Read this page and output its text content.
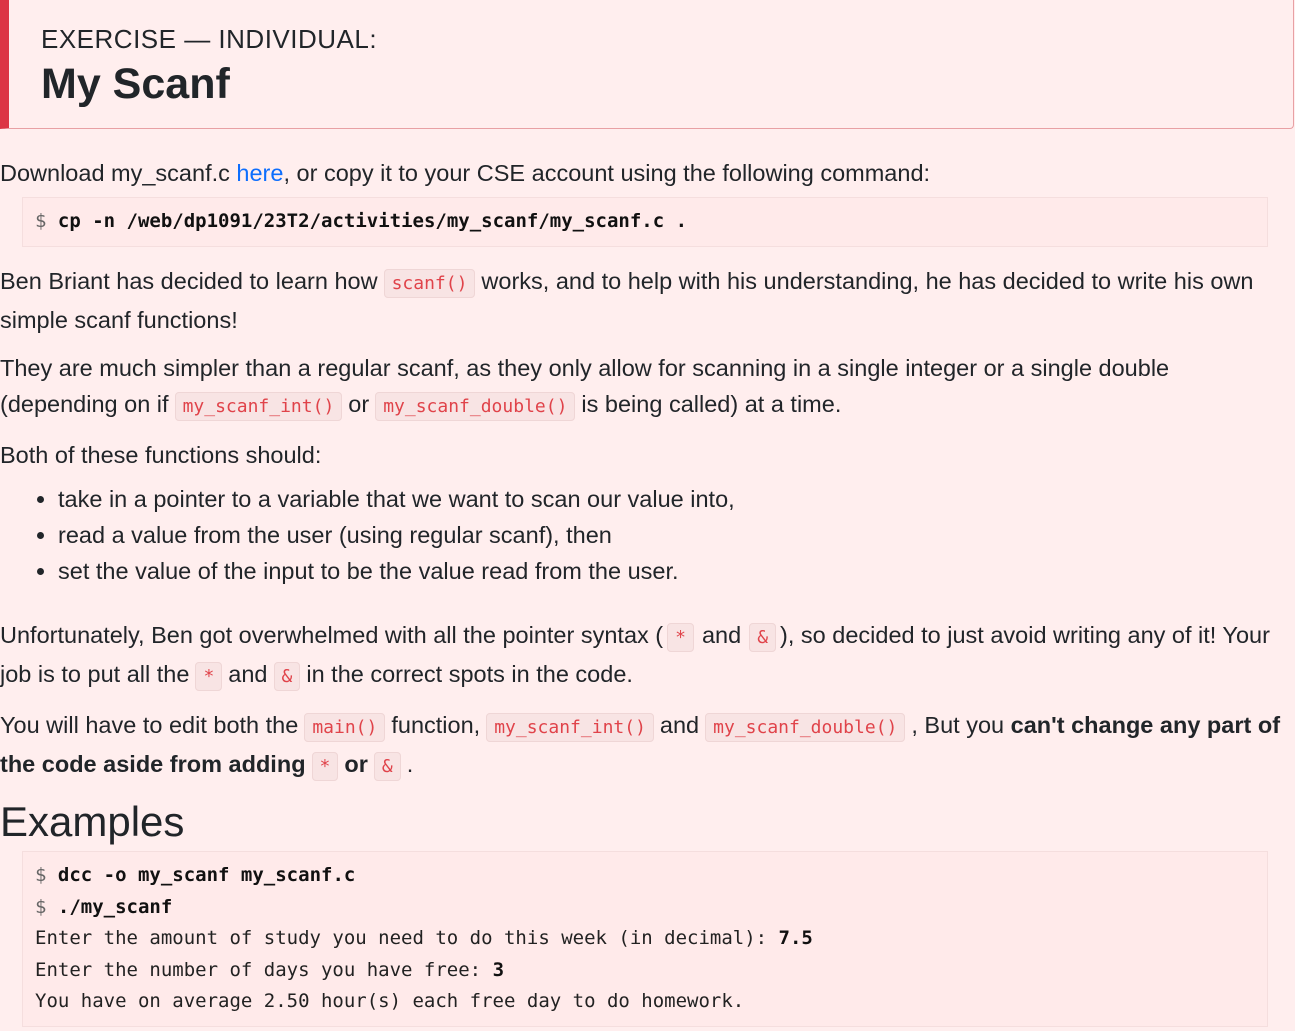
EXERCISE — INDIVIDUAL:
My Scanf

Download my_scanf.c here, or copy it to your CSE account using the following command:

$ cp -n /web/dp1091/23T2/activities/my_scanf/my_scanf.c .

Ben Briant has decided to learn how scanf() works, and to help with his understanding, he has decided to write his own simple scanf functions!

They are much simpler than a regular scanf, as they only allow for scanning in a single integer or a single double (depending on if my_scanf_int() or my_scanf_double() is being called) at a time.

Both of these functions should:

• take in a pointer to a variable that we want to scan our value into,
• read a value from the user (using regular scanf), then
• set the value of the input to be the value read from the user.

Unfortunately, Ben got overwhelmed with all the pointer syntax ( * and & ), so decided to just avoid writing any of it! Your job is to put all the * and & in the correct spots in the code.

You will have to edit both the main() function, my_scanf_int() and my_scanf_double() , But you can't change any part of the code aside from adding * or & .

Examples
$ dcc -o my_scanf my_scanf.c
$ ./my_scanf
Enter the amount of study you need to do this week (in decimal): 7.5
Enter the number of days you have free: 3
You have on average 2.50 hour(s) each free day to do homework.
